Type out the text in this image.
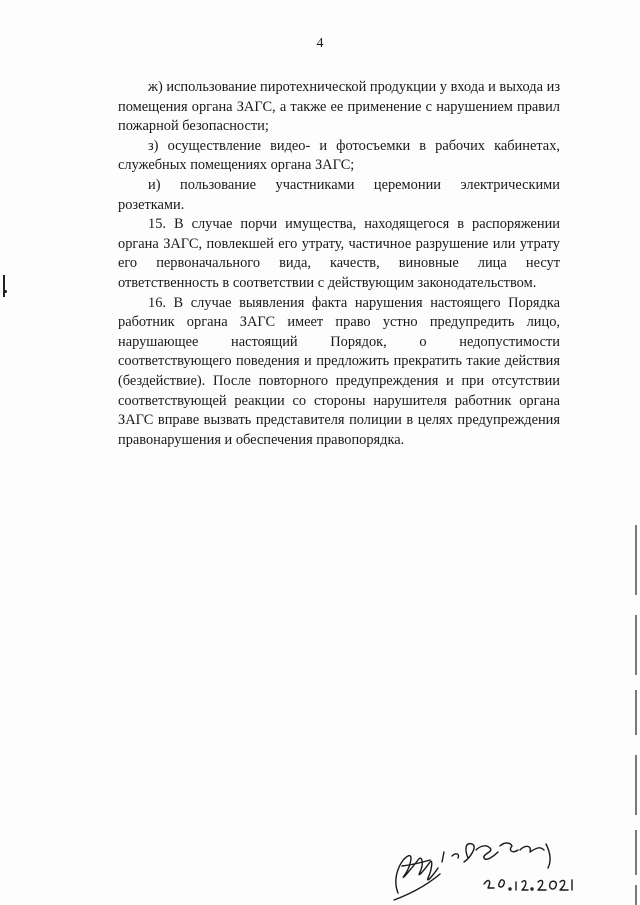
4

ж) использование пиротехнической продукции у входа и выхода из помещения органа ЗАГС, а также ее применение с нарушением правил пожарной безопасности;

з) осуществление видео- и фотосъемки в рабочих кабинетах, служебных помещениях органа ЗАГС;

и) пользование участниками церемонии электрическими розетками.

15. В случае порчи имущества, находящегося в распоряжении органа ЗАГС, повлекшей его утрату, частичное разрушение или утрату его первоначального вида, качеств, виновные лица несут ответственность в соответствии с действующим законодательством.

16. В случае выявления факта нарушения настоящего Порядка работник органа ЗАГС имеет право устно предупредить лицо, нарушающее настоящий Порядок, о недопустимости соответствующего поведения и предложить прекратить такие действия (бездействие). После повторного предупреждения и при отсутствии соответствующей реакции со стороны нарушителя работник органа ЗАГС вправе вызвать представителя полиции в целях предупреждения правонарушения и обеспечения правопорядка.
